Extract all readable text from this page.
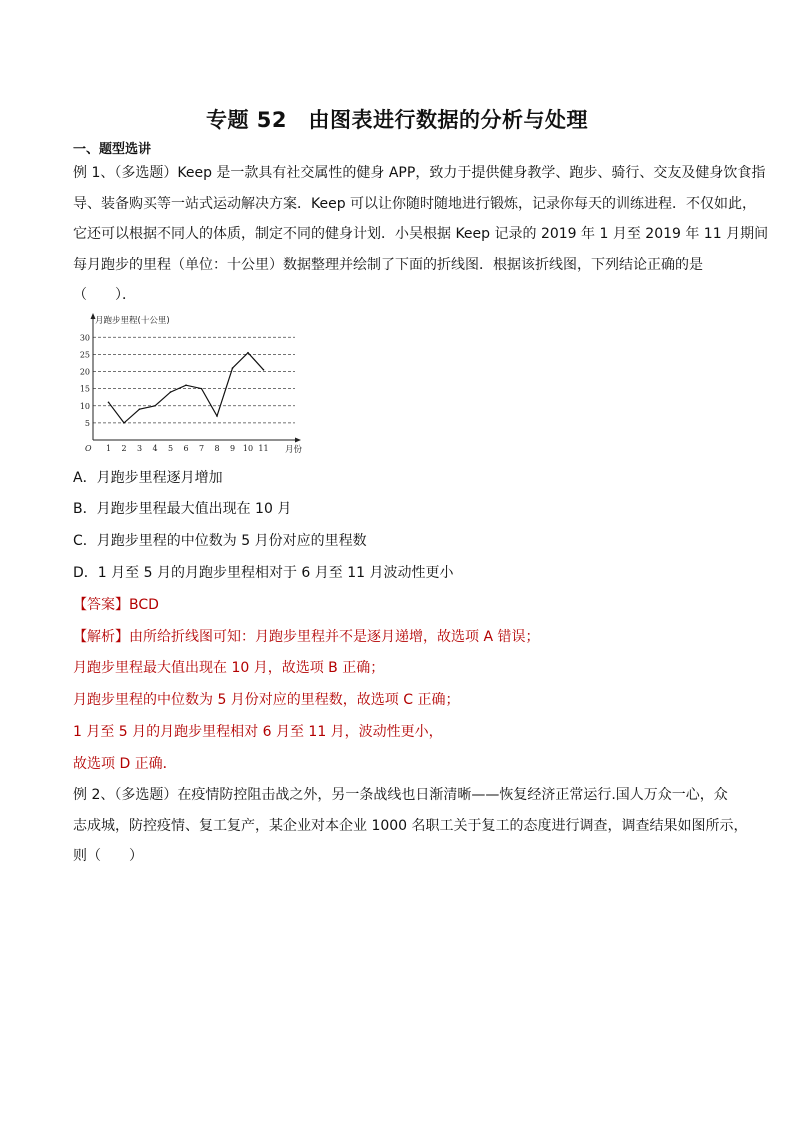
专题 52　由图表进行数据的分析与处理
一、题型选讲
例 1、（多选题）Keep 是一款具有社交属性的健身 APP，致力于提供健身教学、跑步、骑行、交友及健身饮食指
导、装备购买等一站式运动解决方案．Keep 可以让你随时随地进行锻炼，记录你每天的训练进程．不仅如此，
它还可以根据不同人的体质，制定不同的健身计划．小吴根据 Keep 记录的 2019 年 1 月至 2019 年 11 月期间
每月跑步的里程（单位：十公里）数据整理并绘制了下面的折线图．根据该折线图，下列结论正确的是
（　　）．
5
10
15
20
25
30
1 2 3 4 5 6 7 8 9 10 11
O
月跑步里程(十公里)
月份
A．月跑步里程逐月增加
B．月跑步里程最大值出现在 10 月
C．月跑步里程的中位数为 5 月份对应的里程数
D．1 月至 5 月的月跑步里程相对于 6 月至 11 月波动性更小
【答案】BCD
【解析】由所给折线图可知：月跑步里程并不是逐月递增，故选项 A 错误；
月跑步里程最大值出现在 10 月，故选项 B 正确；
月跑步里程的中位数为 5 月份对应的里程数，故选项 C 正确；
1 月至 5 月的月跑步里程相对 6 月至 11 月，波动性更小，
故选项 D 正确．
例 2、（多选题）在疫情防控阻击战之外，另一条战线也日渐清晰——恢复经济正常运行.国人万众一心，众
志成城，防控疫情、复工复产，某企业对本企业 1000 名职工关于复工的态度进行调查，调查结果如图所示，
则（　　）
